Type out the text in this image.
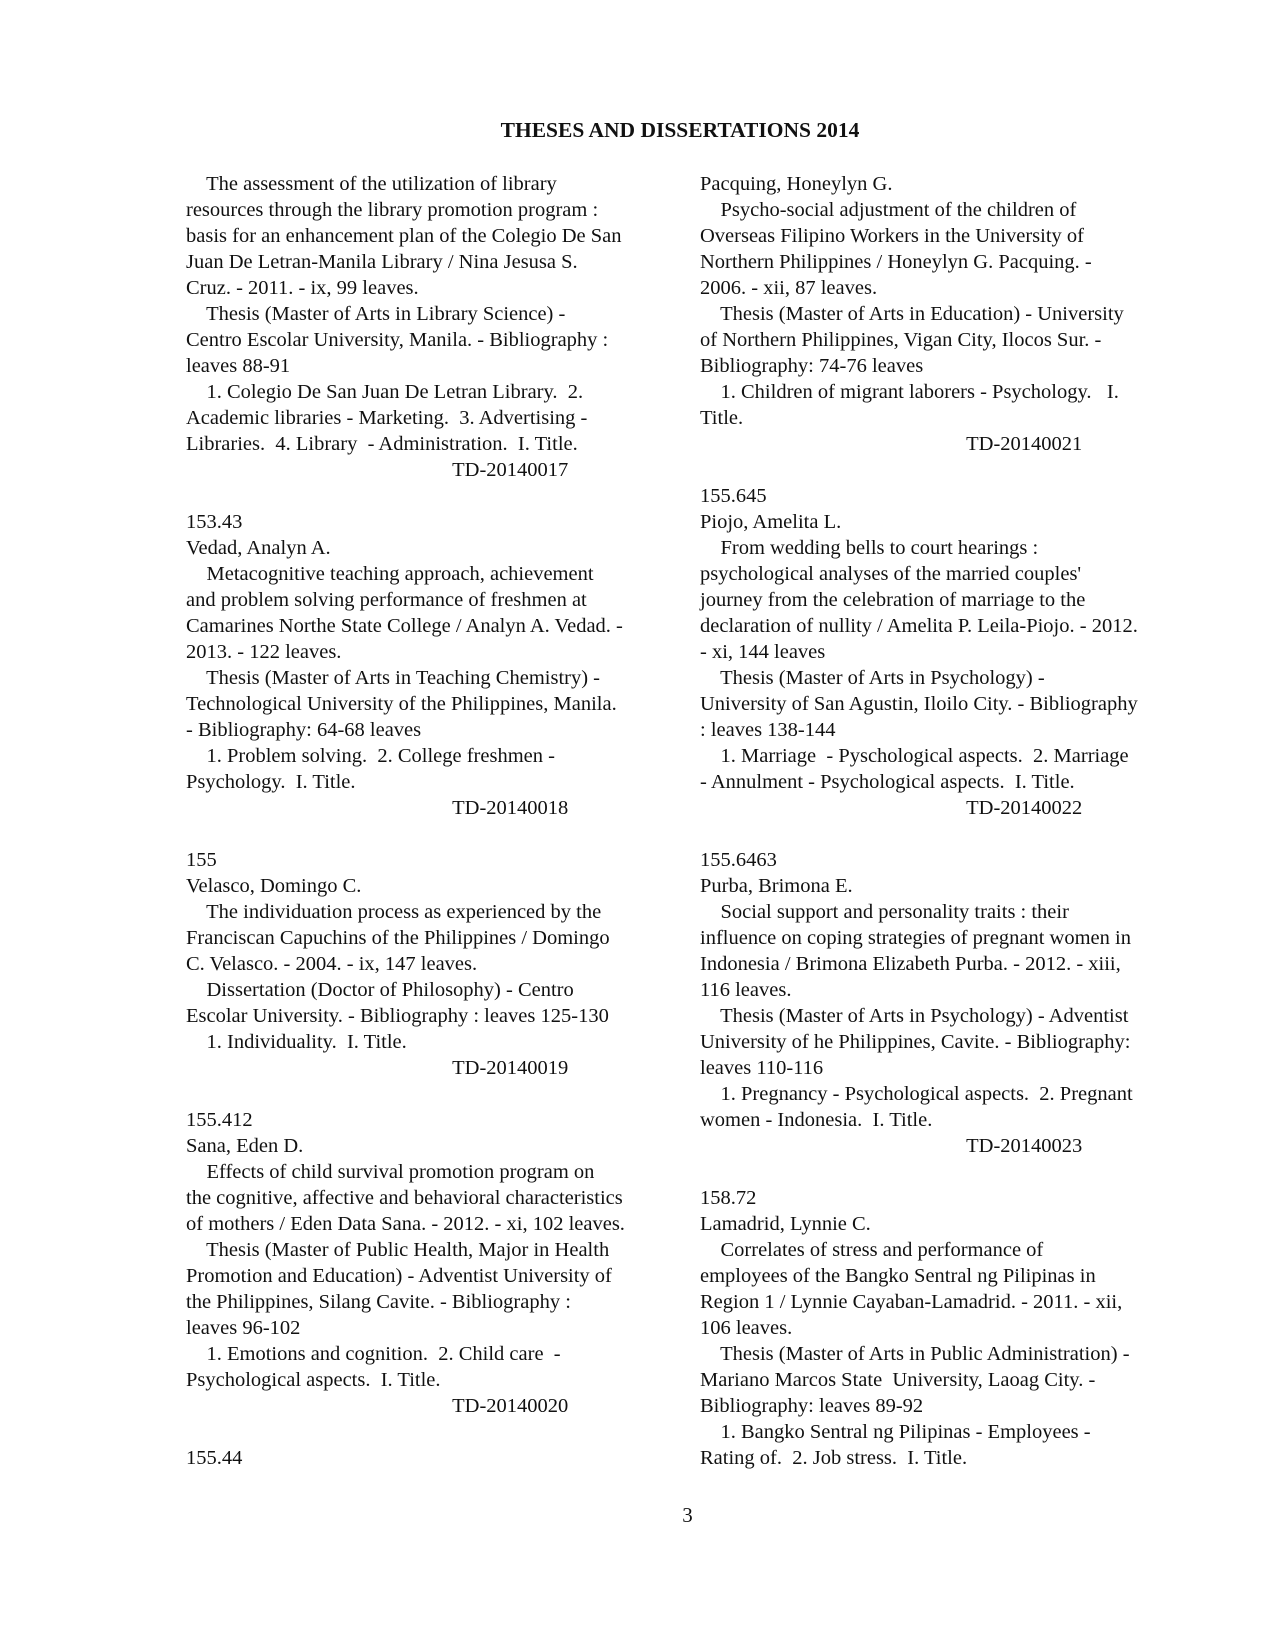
THESES AND DISSERTATIONS 2014
The assessment of the utilization of library
resources through the library promotion program :
basis for an enhancement plan of the Colegio De San
Juan De Letran-Manila Library / Nina Jesusa S.
Cruz. - 2011. - ix, 99 leaves.
Thesis (Master of Arts in Library Science) -
Centro Escolar University, Manila. - Bibliography :
leaves 88-91
1. Colegio De San Juan De Letran Library.  2.
Academic libraries - Marketing.  3. Advertising -
Libraries.  4. Library  - Administration.  I. Title.
TD-20140017
153.43
Vedad, Analyn A.
Metacognitive teaching approach, achievement
and problem solving performance of freshmen at
Camarines Northe State College / Analyn A. Vedad. -
2013. - 122 leaves.
Thesis (Master of Arts in Teaching Chemistry) -
Technological University of the Philippines, Manila.
- Bibliography: 64-68 leaves
1. Problem solving.  2. College freshmen -
Psychology.  I. Title.
TD-20140018
155
Velasco, Domingo C.
The individuation process as experienced by the
Franciscan Capuchins of the Philippines / Domingo
C. Velasco. - 2004. - ix, 147 leaves.
Dissertation (Doctor of Philosophy) - Centro
Escolar University. - Bibliography : leaves 125-130
1. Individuality.  I. Title.
TD-20140019
155.412
Sana, Eden D.
Effects of child survival promotion program on
the cognitive, affective and behavioral characteristics
of mothers / Eden Data Sana. - 2012. - xi, 102 leaves.
Thesis (Master of Public Health, Major in Health
Promotion and Education) - Adventist University of
the Philippines, Silang Cavite. - Bibliography :
leaves 96-102
1. Emotions and cognition.  2. Child care  -
Psychological aspects.  I. Title.
TD-20140020
155.44
Pacquing, Honeylyn G.
Psycho-social adjustment of the children of
Overseas Filipino Workers in the University of
Northern Philippines / Honeylyn G. Pacquing. -
2006. - xii, 87 leaves.
Thesis (Master of Arts in Education) - University
of Northern Philippines, Vigan City, Ilocos Sur. -
Bibliography: 74-76 leaves
1. Children of migrant laborers - Psychology.   I.
Title.
TD-20140021
155.645
Piojo, Amelita L.
From wedding bells to court hearings :
psychological analyses of the married couples'
journey from the celebration of marriage to the
declaration of nullity / Amelita P. Leila-Piojo. - 2012.
- xi, 144 leaves
Thesis (Master of Arts in Psychology) -
University of San Agustin, Iloilo City. - Bibliography
: leaves 138-144
1. Marriage  - Pyschological aspects.  2. Marriage
- Annulment - Psychological aspects.  I. Title.
TD-20140022
155.6463
Purba, Brimona E.
Social support and personality traits : their
influence on coping strategies of pregnant women in
Indonesia / Brimona Elizabeth Purba. - 2012. - xiii,
116 leaves.
Thesis (Master of Arts in Psychology) - Adventist
University of he Philippines, Cavite. - Bibliography:
leaves 110-116
1. Pregnancy - Psychological aspects.  2. Pregnant
women - Indonesia.  I. Title.
TD-20140023
158.72
Lamadrid, Lynnie C.
Correlates of stress and performance of
employees of the Bangko Sentral ng Pilipinas in
Region 1 / Lynnie Cayaban-Lamadrid. - 2011. - xii,
106 leaves.
Thesis (Master of Arts in Public Administration) -
Mariano Marcos State  University, Laoag City. -
Bibliography: leaves 89-92
1. Bangko Sentral ng Pilipinas - Employees -
Rating of.  2. Job stress.  I. Title.
3
